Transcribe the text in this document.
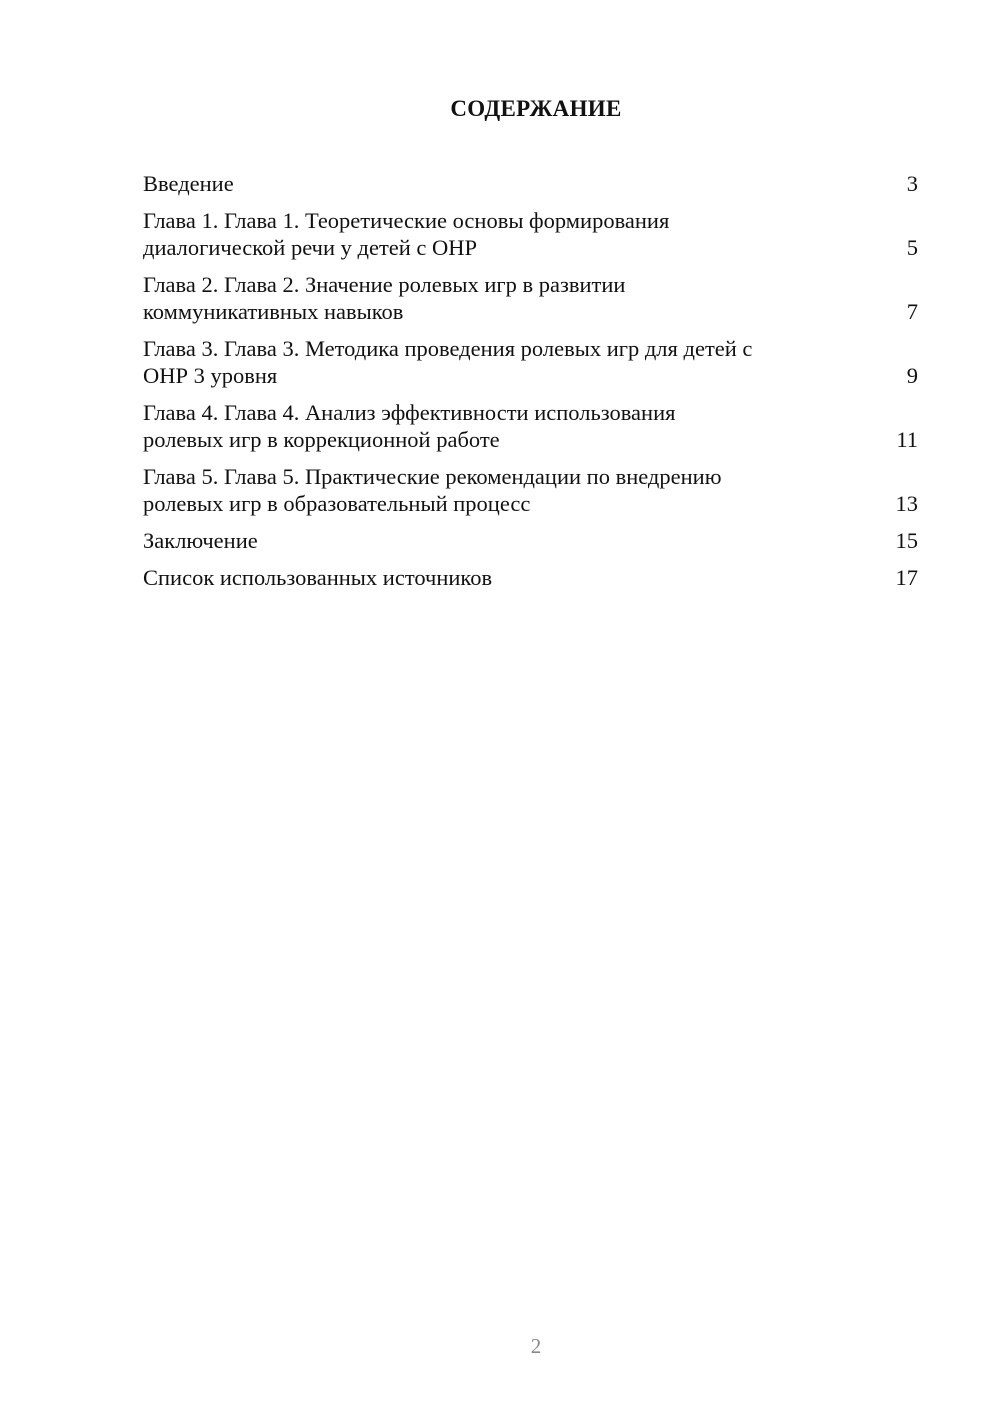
СОДЕРЖАНИЕ
Введение	3
Глава 1. Глава 1. Теоретические основы формирования
диалогической речи у детей с ОНР	5
Глава 2. Глава 2. Значение ролевых игр в развитии
коммуникативных навыков	7
Глава 3. Глава 3. Методика проведения ролевых игр для детей с
ОНР 3 уровня	9
Глава 4. Глава 4. Анализ эффективности использования
ролевых игр в коррекционной работе	11
Глава 5. Глава 5. Практические рекомендации по внедрению
ролевых игр в образовательный процесс	13
Заключение	15
Список использованных источников	17
2
